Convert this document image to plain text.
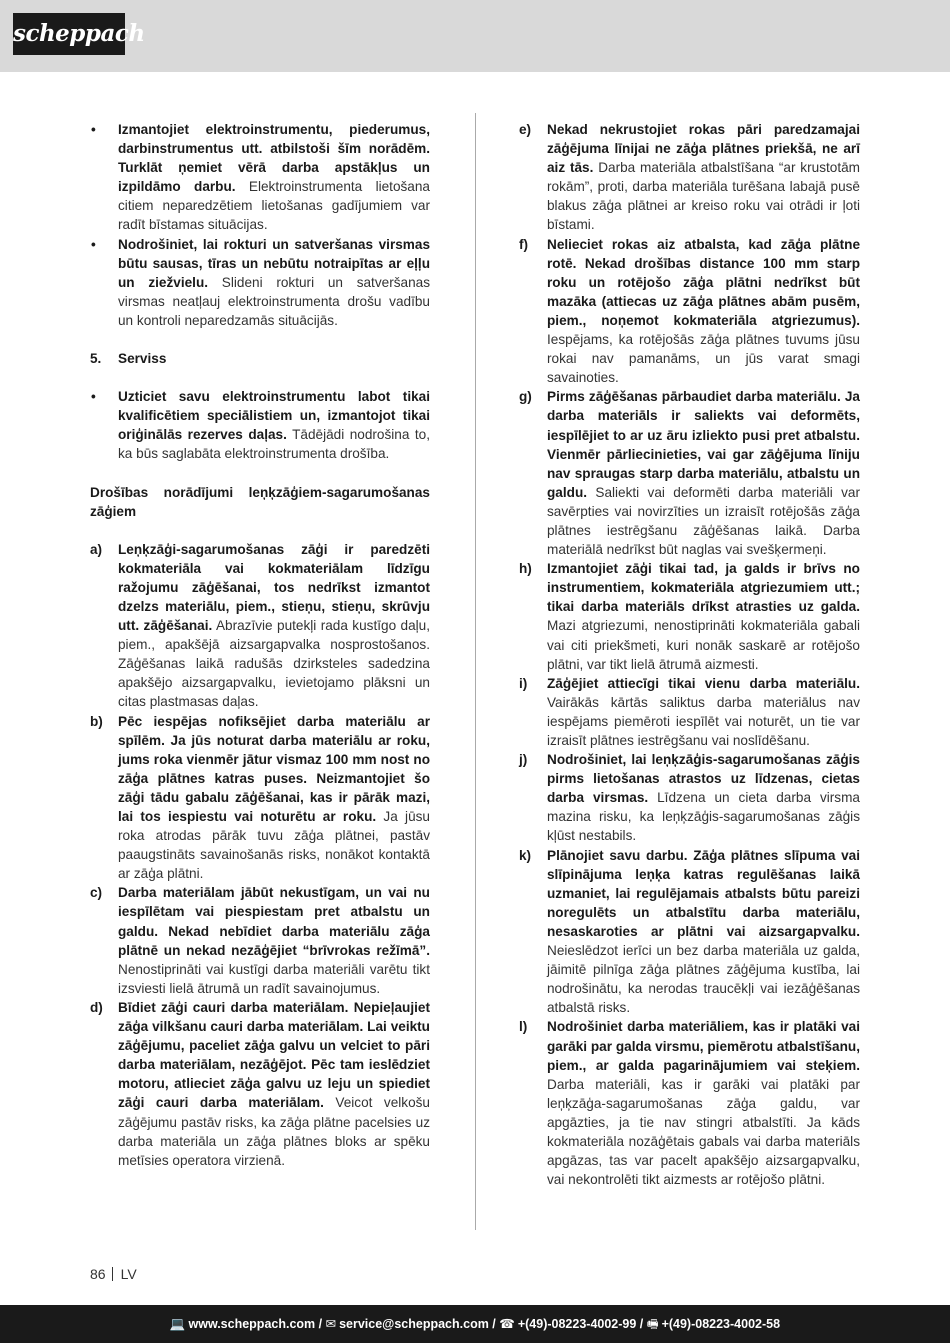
scheppach
• Izmantojiet elektroinstrumentu, piederumus, darbinstrumentus utt. atbilstoši šīm norādēm. Turklāt ņemiet vērā darba apstākļus un izpildāmo darbu. Elektroinstrumenta lietošana citiem neparedzētiem lietošanas gadījumiem var radīt bīstamas situācijas.
• Nodrošiniet, lai rokturi un satveršanas virsmas būtu sausas, tīras un nebūtu notraipītas ar eļļu un ziežvielu. Slideni rokturi un satveršanas virsmas neatļauj elektroinstrumenta drošu vadību un kontroli neparedzamās situācijās.
5. Serviss
• Uzticiet savu elektroinstrumentu labot tikai kvalificētiem speciālistiem un, izmantojot tikai oriģinālās rezerves daļas. Tādējādi nodrošina to, ka būs saglabāta elektroinstrumenta drošība.
Drošības norādījumi leņķzāģiem-sagarumošanas zāģiem
a) Leņķzāģi-sagarumošanas zāģi ir paredzēti kokmateriāla vai kokmateriālam līdzīgu ražojumu zāģēšanai, tos nedrīkst izmantot dzelzs materiālu, piem., stieņu, stieņu, skrūvju utt. zāģēšanai. Abrazīvie putekļi rada kustīgo daļu, piem., apakšējā aizsargapvalka nosprostošanos. Zāģēšanas laikā radušās dzirksteles sadedzina apakšējo aizsargapvalku, ievietojamo plāksni un citas plastmasas daļas.
b) Pēc iespējas nofiksējiet darba materiālu ar spīlēm. Ja jūs noturat darba materiālu ar roku, jums roka vienmēr jātur vismaz 100 mm nost no zāģa plātnes katras puses. Neizmantojiet šo zāģi tādu gabalu zāģēšanai, kas ir pārāk mazi, lai tos iespiestu vai noturētu ar roku. Ja jūsu roka atrodas pārāk tuvu zāģa plātnei, pastāv paaugstināts savainošanās risks, nonākot kontaktā ar zāģa plātni.
c) Darba materiālam jābūt nekustīgam, un vai nu iespīlētam vai piespiestam pret atbalstu un galdu. Nekad nebīdiet darba materiālu zāģa plātnē un nekad nezāģējiet “brīvrokas režīmā”. Nenostiprināti vai kustīgi darba materiāli varētu tikt izsviesti lielā ātrumā un radīt savainojumus.
d) Bīdiet zāģi cauri darba materiālam. Nepieļaujiet zāģa vilkšanu cauri darba materiālam. Lai veiktu zāģējumu, paceliet zāģa galvu un velciet to pāri darba materiālam, nezāģējot. Pēc tam ieslēdziet motoru, atlieciet zāģa galvu uz leju un spiediet zāģi cauri darba materiālam. Veicot velkošu zāģējumu pastāv risks, ka zāģa plātne pacelsies uz darba materiāla un zāģa plātnes bloks ar spēku metīsies operatora virzienā.
e) Nekad nekrustojiet rokas pāri paredzamajai zāģējuma līnijai ne zāģa plātnes priekšā, ne arī aiz tās. Darba materiāla atbalstīšana “ar krustotām rokām”, proti, darba materiāla turēšana labajā pusē blakus zāģa plātnei ar kreiso roku vai otrādi ir ļoti bīstami.
f) Nelieciet rokas aiz atbalsta, kad zāģa plātne rotē. Nekad drošības distance 100 mm starp roku un rotējošo zāģa plātni nedrīkst būt mazāka (attiecas uz zāģa plātnes abām pusēm, piem., noņemot kokmateriāla atgriezumus). Iespējams, ka rotējošās zāģa plātnes tuvums jūsu rokai nav pamanāms, un jūs varat smagi savainoties.
g) Pirms zāģēšanas pārbaudiet darba materiālu. Ja darba materiāls ir saliekts vai deformēts, iespīlējiet to ar uz āru izliekto pusi pret atbalstu. Vienmēr pārliecinieties, vai gar zāģējuma līniju nav spraugas starp darba materiālu, atbalstu un galdu. Saliekti vai deformēti darba materiāli var savērpties vai novirzīties un izraisīt rotējošās zāģa plātnes iestrēgšanu zāģēšanas laikā. Darba materiālā nedrīkst būt naglas vai svešķermeņi.
h) Izmantojiet zāģi tikai tad, ja galds ir brīvs no instrumentiem, kokmateriāla atgriezumiem utt.; tikai darba materiāls drīkst atrasties uz galda. Mazi atgriezumi, nenostiprināti kokmateriāla gabali vai citi priekšmeti, kuri nonāk saskarē ar rotējošo plātni, var tikt lielā ātrumā aizmesti.
i) Zāģējiet attiecīgi tikai vienu darba materiālu. Vairākās kārtās saliktus darba materiālus nav iespējams piemēroti iespīlēt vai noturēt, un tie var izraisīt plātnes iestrēgšanu vai noslīdēšanu.
j) Nodrošiniet, lai leņķzāģis-sagarumošanas zāģis pirms lietošanas atrastos uz līdzenas, cietas darba virsmas. Līdzena un cieta darba virsma mazina risku, ka leņķzāģis-sagarumošanas zāģis kļūst nestabils.
k) Plānojiet savu darbu. Zāģa plātnes slīpuma vai slīpinājuma leņķa katras regulēšanas laikā uzmaniet, lai regulējamais atbalsts būtu pareizi noregulēts un atbalstītu darba materiālu, nesaskaroties ar plātni vai aizsargapvalku. Neieslēdzot ierīci un bez darba materiāla uz galda, jāimitē pilnīga zāģa plātnes zāģējuma kustība, lai nodrošinātu, ka nerodas traucēkļi vai iezāģēšanas atbalstā risks.
l) Nodrošiniet darba materiāliem, kas ir platāki vai garāki par galda virsmu, piemērotu atbalstīšanu, piem., ar galda pagarinājumiem vai steķiem. Darba materiāli, kas ir garāki vai platāki par leņķzāģa-sagarumošanas zāģa galdu, var apgāzties, ja tie nav stingri atbalstīti. Ja kāds kokmateriāla nozāģētais gabals vai darba materiāls apgāzas, tas var pacelt apakšējo aizsargapvalku, vai nekontrolēti tikt aizmests ar rotējošo plātni.
86 LV
💻 www.scheppach.com / ✉ service@scheppach.com / ☎ +(49)-08223-4002-99 / 🖷 +(49)-08223-4002-58
